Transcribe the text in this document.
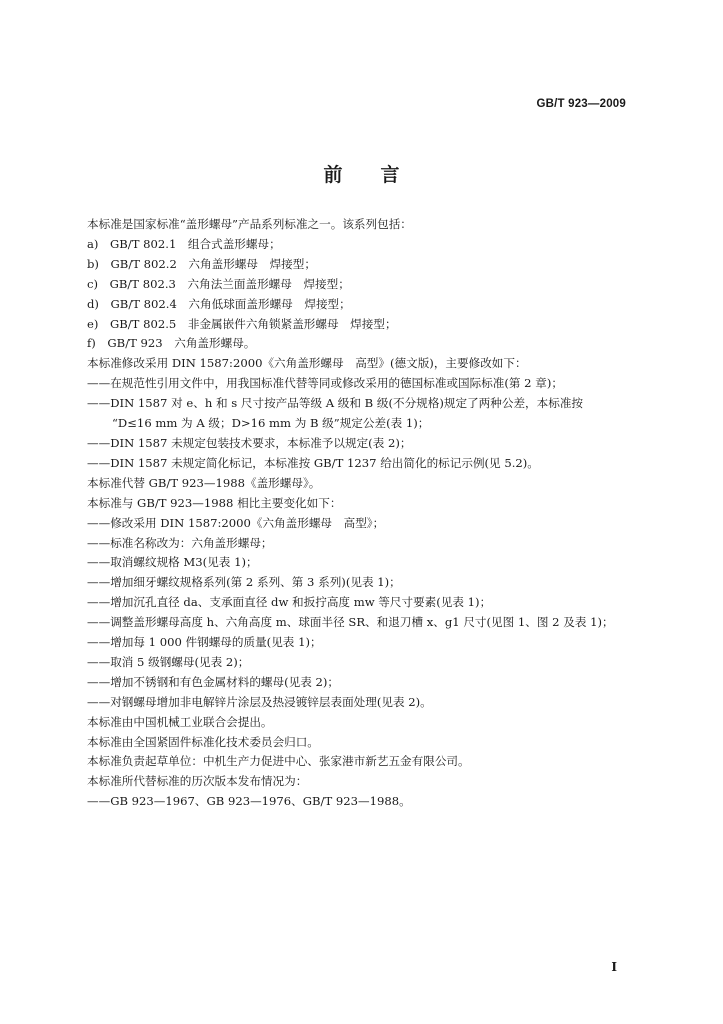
GB/T 923—2009
前言
本标准是国家标准“盖形螺母”产品系列标准之一。该系列包括：
a)　GB/T 802.1　组合式盖形螺母；
b)　GB/T 802.2　六角盖形螺母　焊接型；
c)　GB/T 802.3　六角法兰面盖形螺母　焊接型；
d)　GB/T 802.4　六角低球面盖形螺母　焊接型；
e)　GB/T 802.5　非金属嵌件六角锁紧盖形螺母　焊接型；
f)　GB/T 923　六角盖形螺母。
本标准修改采用 DIN 1587:2000《六角盖形螺母　高型》(德文版)，主要修改如下：
——在规范性引用文件中，用我国标准代替等同或修改采用的德国标准或国际标准(第 2 章)；
——DIN 1587 对 e、h 和 s 尺寸按产品等级 A 级和 B 级(不分规格)规定了两种公差，本标准按
“D≤16 mm 为 A 级；D>16 mm 为 B 级”规定公差(表 1)；
——DIN 1587 未规定包装技术要求，本标准予以规定(表 2)；
——DIN 1587 未规定简化标记，本标准按 GB/T 1237 给出简化的标记示例(见 5.2)。
本标准代替 GB/T 923—1988《盖形螺母》。
本标准与 GB/T 923—1988 相比主要变化如下：
——修改采用 DIN 1587:2000《六角盖形螺母　高型》；
——标准名称改为：六角盖形螺母；
——取消螺纹规格 M3(见表 1)；
——增加细牙螺纹规格系列(第 2 系列、第 3 系列)(见表 1)；
——增加沉孔直径 da、支承面直径 dw 和扳拧高度 mw 等尺寸要素(见表 1)；
——调整盖形螺母高度 h、六角高度 m、球面半径 SR、和退刀槽 x、g1 尺寸(见图 1、图 2 及表 1)；
——增加每 1 000 件钢螺母的质量(见表 1)；
——取消 5 级钢螺母(见表 2)；
——增加不锈钢和有色金属材料的螺母(见表 2)；
——对钢螺母增加非电解锌片涂层及热浸镀锌层表面处理(见表 2)。
本标准由中国机械工业联合会提出。
本标准由全国紧固件标准化技术委员会归口。
本标准负责起草单位：中机生产力促进中心、张家港市新艺五金有限公司。
本标准所代替标准的历次版本发布情况为：
——GB 923—1967、GB 923—1976、GB/T 923—1988。
I
